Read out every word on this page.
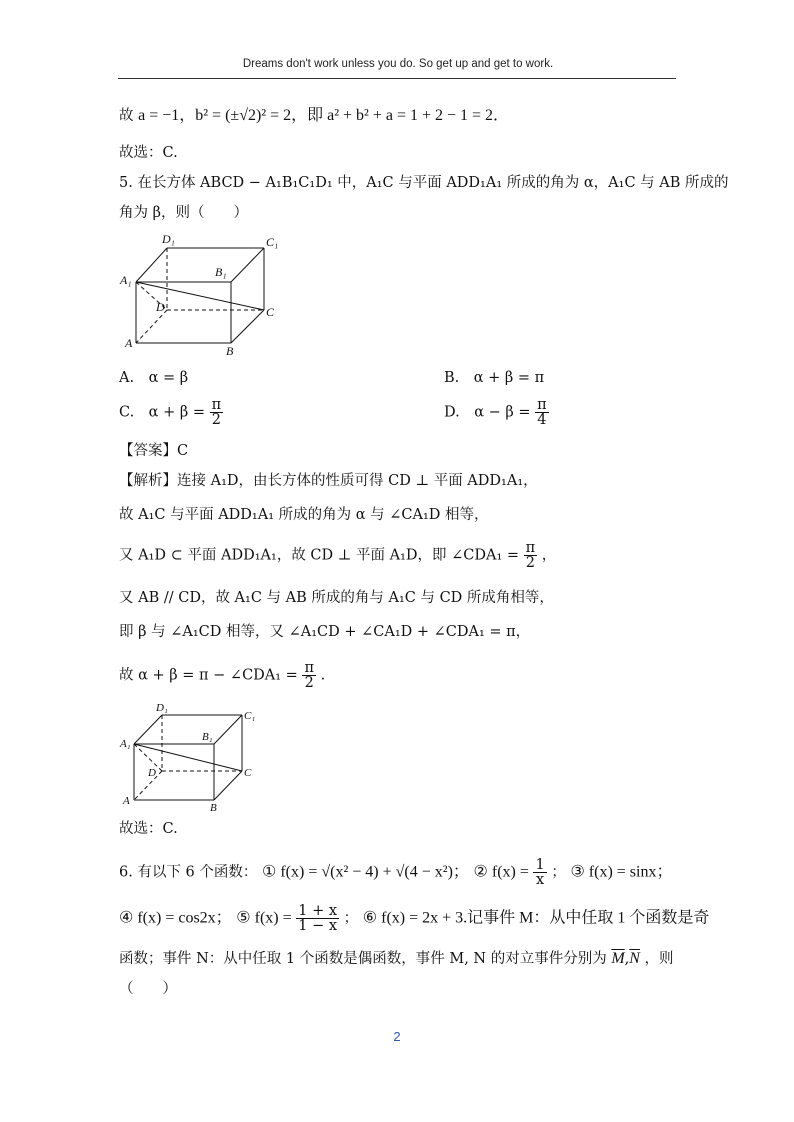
Dreams don't work unless you do. So get up and get to work.
故 a = −1，b² = (±√2)² = 2，即 a² + b² + a = 1 + 2 − 1 = 2．
故选：C.
5. 在长方体 ABCD − A₁B₁C₁D₁ 中，A₁C 与平面 ADD₁A₁ 所成的角为 α，A₁C 与 AB 所成的
角为 β，则（　　）
D₁	C₁
A₁
B₁
D	C
A
B
A.　α = β	B.　α + β = π
C.　$\alpha + \beta = \frac{\pi}{2}$	D.　$\alpha - \beta = \frac{\pi}{4}$
【答案】C
【解析】连接 A₁D，由长方体的性质可得 CD ⊥ 平面 ADD₁A₁，
故 A₁C 与平面 ADD₁A₁ 所成的角为 α 与 ∠CA₁D 相等，
又 A₁D ⊂ 平面 ADD₁A₁，故 CD ⊥ 平面 A₁D，即 ∠CDA₁ = $\frac{\pi}{2}$ ，
又 AB // CD，故 A₁C 与 AB 所成的角与 A₁C 与 CD 所成角相等，
即 β 与 ∠A₁CD 相等，又 ∠A₁CD + ∠CA₁D + ∠CDA₁ = π，
故 α + β = π − ∠CDA₁ = $\frac{\pi}{2}$ .
D₁
C₁
A₁
B₁
D	C
A
B
故选：C.
6. 有以下 6 个函数： ① f(x) = √(x² − 4) + √(4 − x²)； ② $f(x) = \frac{1}{x}$ ； ③ f(x) = sinx；
④ f(x) = cos2x； ⑤ $f(x) = \frac{1 + x}{1 - x}$ ； ⑥ f(x) = 2x + 3.记事件 M：从中任取 1 个函数是奇
函数；事件 N：从中任取 1 个函数是偶函数，事件 M, N 的对立事件分别为 $\overline{M},\overline{N}$ ，则
（　　）
2
